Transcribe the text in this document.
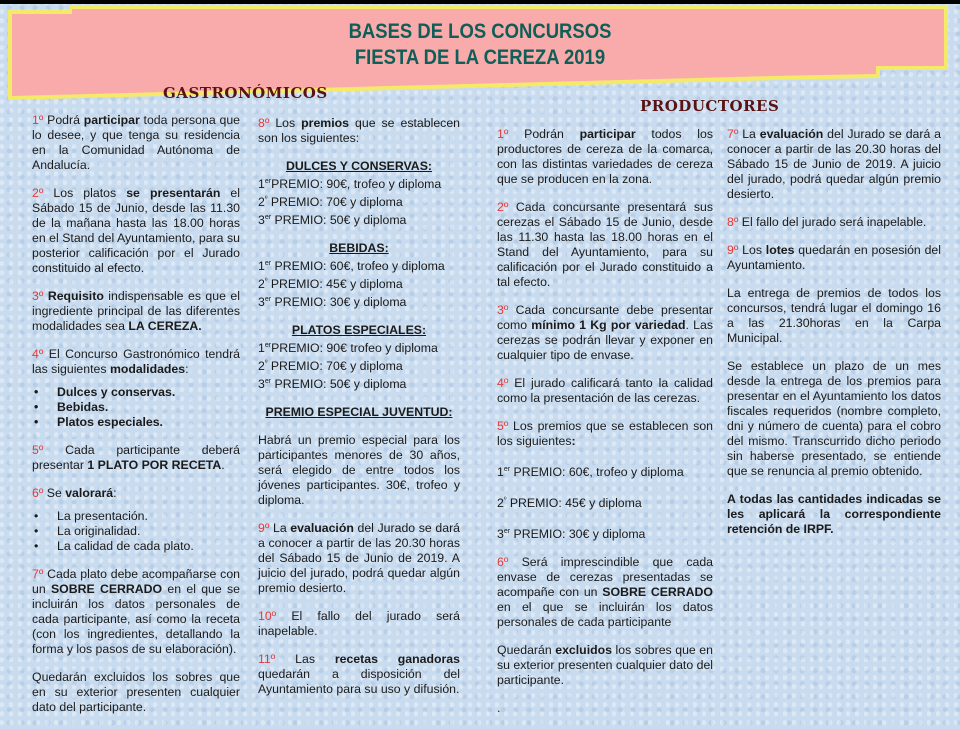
BASES DE LOS CONCURSOS
FIESTA DE LA CEREZA 2019
GASTRONÓMICOS
PRODUCTORES

1º Podrá participar toda persona que lo desee, y que tenga su residencia en la Comunidad Autónoma de Andalucía.

2º Los platos se presentarán el Sábado 15 de Junio, desde las 11.30 de la mañana hasta las 18.00 horas en el Stand del Ayuntamiento, para su posterior calificación por el Jurado constituido al efecto.

3º Requisito indispensable es que el ingrediente principal de las diferentes modalidades sea LA CEREZA.

4º El Concurso Gastronómico tendrá las siguientes modalidades:

• Dulces y conservas.
• Bebidas.
• Platos especiales.

5º Cada participante deberá presentar 1 PLATO POR RECETA.

6º Se valorará:

• La presentación.
• La originalidad.
• La calidad de cada plato.

7º Cada plato debe acompañarse con un SOBRE CERRADO en el que se incluirán los datos personales de cada participante, así como la receta (con los ingredientes, detallando la forma y los pasos de su elaboración).

Quedarán excluidos los sobres que en su exterior presenten cualquier dato del participante.

8º Los premios que se establecen son los siguientes:

DULCES Y CONSERVAS:

1erPREMIO: 90€, trofeo y diploma

$2^º$ PREMIO: 70€ y diploma

3er PREMIO: 50€ y diploma

BEBIDAS:

1er PREMIO: 60€, trofeo y diploma

$2^º$ PREMIO: 45€ y diploma

3er PREMIO: 30€ y diploma

PLATOS ESPECIALES:

1erPREMIO: 90€ trofeo y diploma

$2^º$ PREMIO: 70€ y diploma

3er PREMIO: 50€ y diploma

PREMIO ESPECIAL JUVENTUD:

Habrá un premio especial para los participantes menores de 30 años, será elegido de entre todos los jóvenes participantes. 30€, trofeo y diploma.

9º La evaluación del Jurado se dará a conocer a partir de las 20.30 horas del Sábado 15 de Junio de 2019. A juicio del jurado, podrá quedar algún premio desierto.

10º El fallo del jurado será inapelable.

11º Las recetas ganadoras quedarán a disposición del Ayuntamiento para su uso y difusión.

1º Podrán participar todos los productores de cereza de la comarca, con las distintas variedades de cereza que se producen en la zona.

2º Cada concursante presentará sus cerezas el Sábado 15 de Junio, desde las 11.30 hasta las 18.00 horas en el Stand del Ayuntamiento, para su calificación por el Jurado constituido a tal efecto.

3º Cada concursante debe presentar como mínimo 1 Kg por variedad. Las cerezas se podrán llevar y exponer en cualquier tipo de envase.

4º El jurado calificará tanto la calidad como la presentación de las cerezas.

5º Los premios que se establecen son los siguientes:

1er PREMIO: 60€, trofeo y diploma

$2^º$ PREMIO: 45€ y diploma

3er PREMIO: 30€ y diploma

6º Será imprescindible que cada envase de cerezas presentadas se acompañe con un SOBRE CERRADO en el que se incluirán los datos personales de cada participante

Quedarán excluidos los sobres que en su exterior presenten cualquier dato del participante.

.

7º La evaluación del Jurado se dará a conocer a partir de las 20.30 horas del Sábado 15 de Junio de 2019. A juicio del jurado, podrá quedar algún premio desierto.

8º El fallo del jurado será inapelable.

9º Los lotes quedarán en posesión del Ayuntamiento.

La entrega de premios de todos los concursos, tendrá lugar el domingo 16 a las 21.30horas en la Carpa Municipal.

Se establece un plazo de un mes desde la entrega de los premios para presentar en el Ayuntamiento los datos fiscales requeridos (nombre completo, dni y número de cuenta) para el cobro del mismo. Transcurrido dicho periodo sin haberse presentado, se entiende que se renuncia al premio obtenido.

A todas las cantidades indicadas se les aplicará la correspondiente retención de IRPF.
